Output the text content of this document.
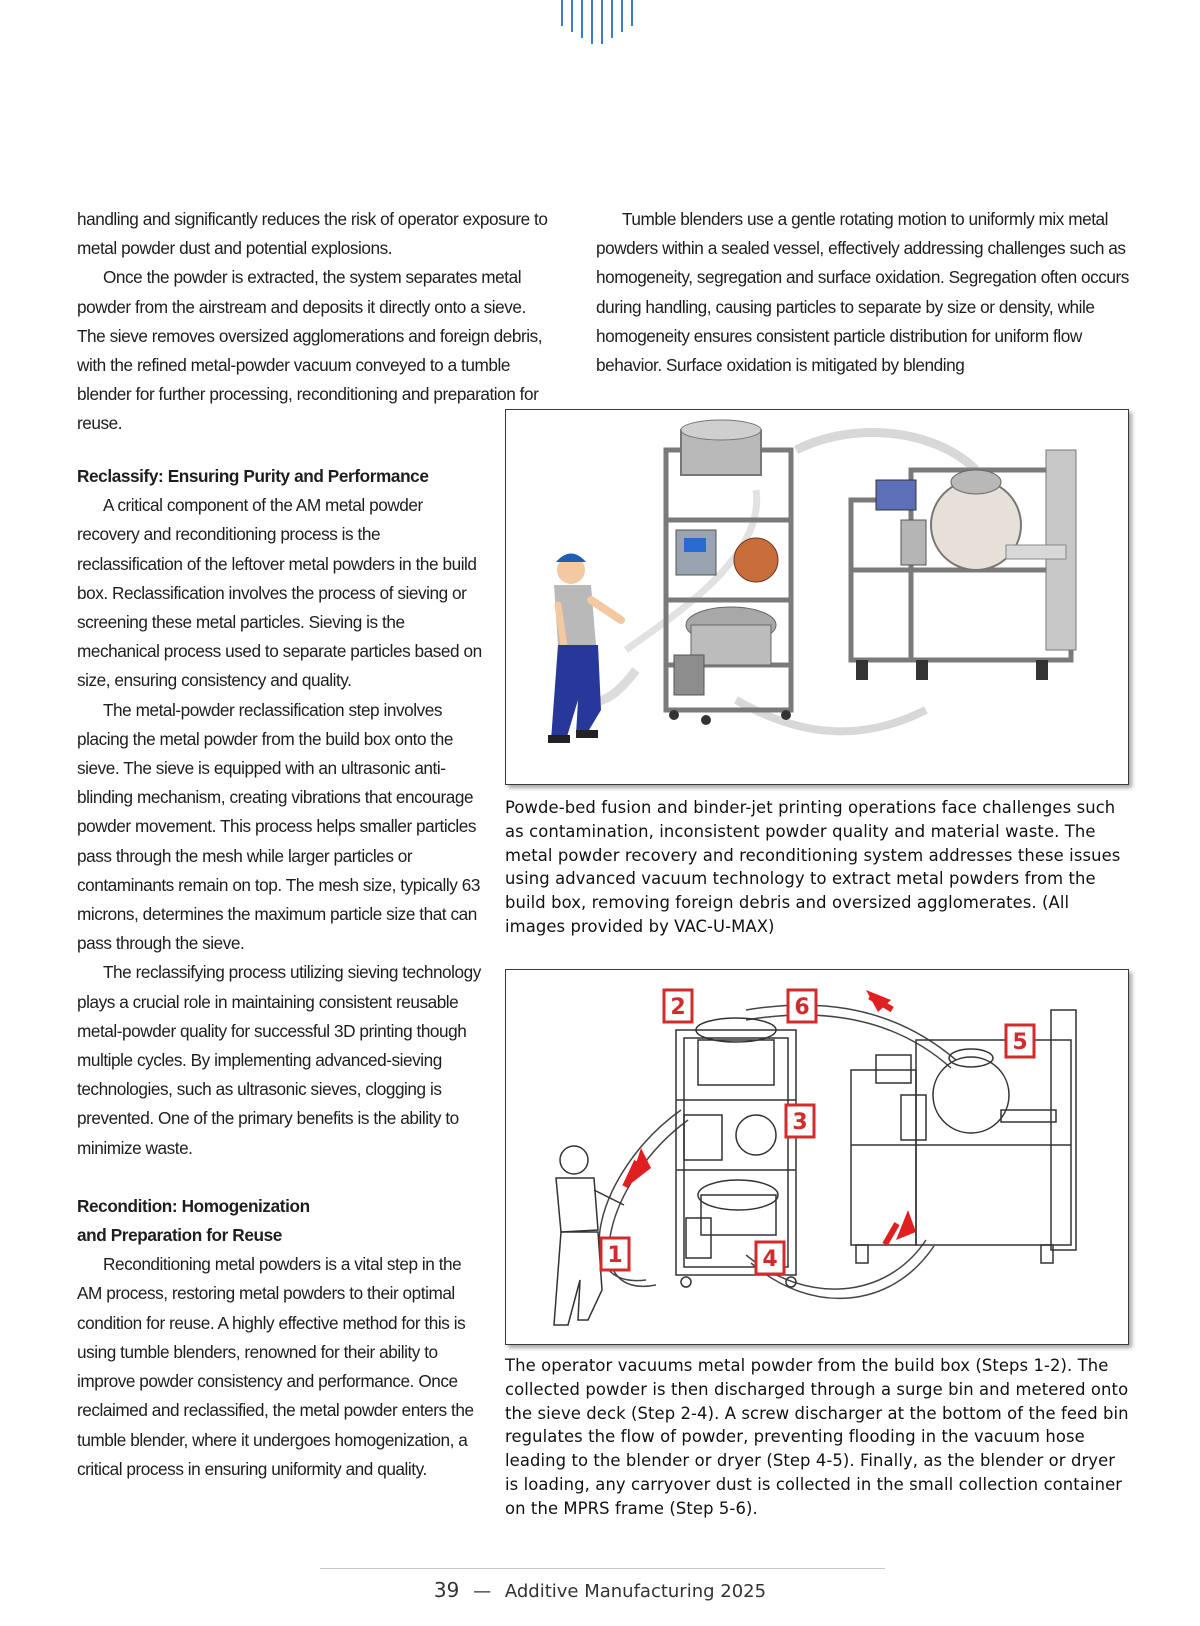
handling and significantly reduces the risk of operator exposure to metal powder dust and potential explosions.

Once the powder is extracted, the system separates metal powder from the airstream and deposits it directly onto a sieve. The sieve removes oversized agglomerations and foreign debris, with the refined metal-powder vacuum conveyed to a tumble blender for further processing, reconditioning and preparation for reuse.

Tumble blenders use a gentle rotating motion to uniformly mix metal powders within a sealed vessel, effectively addressing challenges such as homogeneity, segregation and surface oxidation. Segregation often occurs during handling, causing particles to separate by size or density, while homogeneity ensures consistent particle distribution for uniform flow behavior. Surface oxidation is mitigated by blending

Reclassify: Ensuring Purity and Performance

A critical component of the AM metal powder recovery and reconditioning process is the reclassification of the leftover metal powders in the build box. Reclassification involves the process of sieving or screening these metal particles. Sieving is the mechanical process used to separate particles based on size, ensuring consistency and quality.

The metal-powder reclassification step involves placing the metal powder from the build box onto the sieve. The sieve is equipped with an ultrasonic anti-blinding mechanism, creating vibrations that encourage powder movement. This process helps smaller particles pass through the mesh while larger particles or contaminants remain on top. The mesh size, typically 63 microns, determines the maximum particle size that can pass through the sieve.

The reclassifying process utilizing sieving technology plays a crucial role in maintaining consistent reusable metal-powder quality for successful 3D printing though multiple cycles. By implementing advanced-sieving technologies, such as ultrasonic sieves, clogging is prevented. One of the primary benefits is the ability to minimize waste.

Recondition: Homogenization
and Preparation for Reuse

Reconditioning metal powders is a vital step in the AM process, restoring metal powders to their optimal condition for reuse. A highly effective method for this is using tumble blenders, renowned for their ability to improve powder consistency and performance. Once reclaimed and reclassified, the metal powder enters the tumble blender, where it undergoes homogenization, a critical process in ensuring uniformity and quality.

Powde-bed fusion and binder-jet printing operations face challenges such as contamination, inconsistent powder quality and material waste. The metal powder recovery and reconditioning system addresses these issues using advanced vacuum technology to extract metal powders from the build box, removing foreign debris and oversized agglomerates. (All images provided by VAC-U-MAX)
1
2
3
4
5
6
The operator vacuums metal powder from the build box (Steps 1-2). The collected powder is then discharged through a surge bin and metered onto the sieve deck (Step 2-4). A screw discharger at the bottom of the feed bin regulates the flow of powder, preventing flooding in the vacuum hose leading to the blender or dryer (Step 4-5). Finally, as the blender or dryer is loading, any carryover dust is collected in the small collection container on the MPRS frame (Step 5-6).
39 — Additive Manufacturing 2025
